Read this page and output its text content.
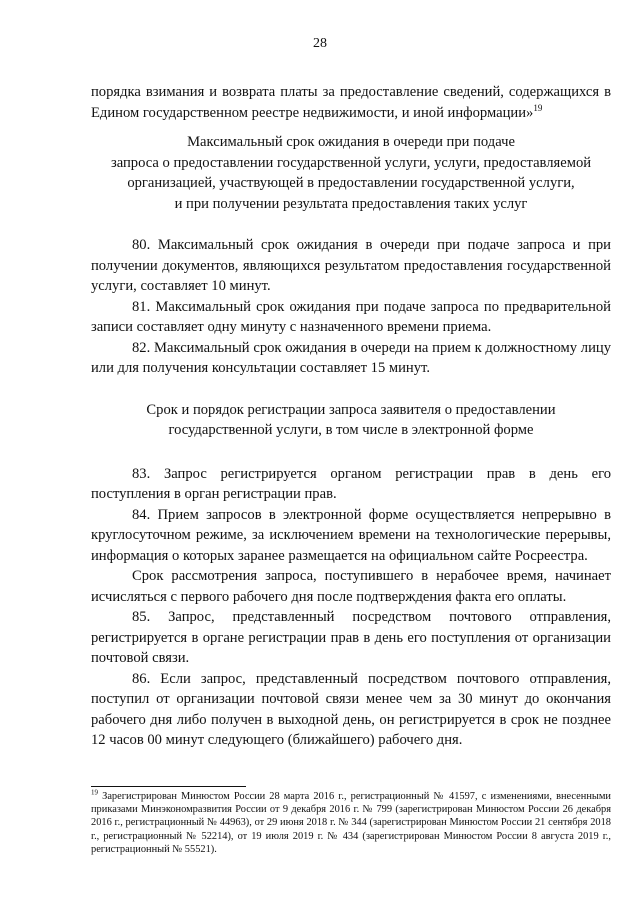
28

порядка взимания и возврата платы за предоставление сведений, содержащихся в Едином государственном реестре недвижимости, и иной информации»$^{19}$

Максимальный срок ожидания в очереди при подаче

запроса о предоставлении государственной услуги, услуги, предоставляемой

организацией, участвующей в предоставлении государственной услуги,

и при получении результата предоставления таких услуг

80. Максимальный срок ожидания в очереди при подаче запроса и при получении документов, являющихся результатом предоставления государственной услуги, составляет 10 минут.

81. Максимальный срок ожидания при подаче запроса по предварительной записи составляет одну минуту с назначенного времени приема.

82. Максимальный срок ожидания в очереди на прием к должностному лицу или для получения консультации составляет 15 минут.

Срок и порядок регистрации запроса заявителя о предоставлении

государственной услуги, в том числе в электронной форме

83. Запрос регистрируется органом регистрации прав в день его поступления в орган регистрации прав.

84. Прием запросов в электронной форме осуществляется непрерывно в круглосуточном режиме, за исключением времени на технологические перерывы, информация о которых заранее размещается на официальном сайте Росреестра.

Срок рассмотрения запроса, поступившего в нерабочее время, начинает исчисляться с первого рабочего дня после подтверждения факта его оплаты.

85. Запрос, представленный посредством почтового отправления, регистрируется в органе регистрации прав в день его поступления от организации почтовой связи.

86. Если запрос, представленный посредством почтового отправления, поступил от организации почтовой связи менее чем за 30 минут до окончания рабочего дня либо получен в выходной день, он регистрируется в срок не позднее 12 часов 00 минут следующего (ближайшего) рабочего дня.

$^{19}$ Зарегистрирован Минюстом России 28 марта 2016 г., регистрационный № 41597, с изменениями, внесенными приказами Минэкономразвития России от 9 декабря 2016 г. № 799 (зарегистрирован Минюстом России 26 декабря 2016 г., регистрационный № 44963), от 29 июня 2018 г. № 344 (зарегистрирован Минюстом России 21 сентября 2018 г., регистрационный № 52214), от 19 июля 2019 г. № 434 (зарегистрирован Минюстом России 8 августа 2019 г., регистрационный № 55521).
